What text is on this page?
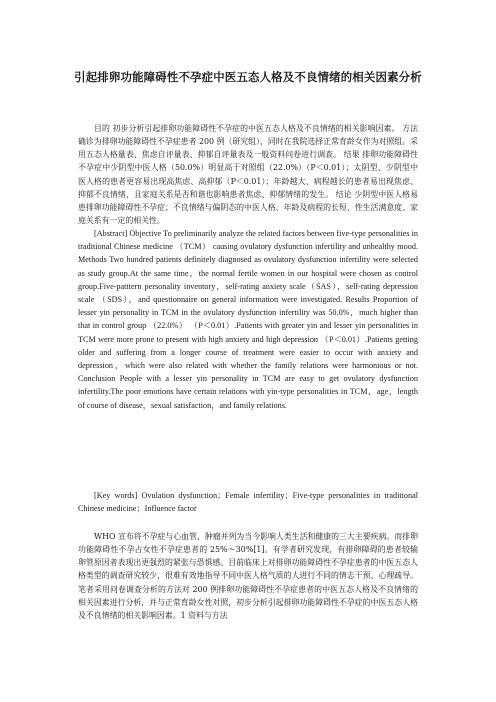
引起排卵功能障碍性不孕症中医五态人格及不良情绪的相关因素分析

目的 初步分析引起排卵功能障碍性不孕症的中医五态人格及不良情绪的相关影响因素。 方法 确诊为排卵功能障碍性不孕症患者 200 例（研究组），同时在我院选择正常育龄女作为对照组。采用五态人格量表、焦虑自评量表、抑郁自评量表及一般资料问卷进行调查。 结果 排卵功能障碍性不孕症中少阴型中医人格（50.0%）明显高于对照组（22.0%）（P＜0.01）；太阴型、少阴型中医人格的患者更容易出现高焦虑、高抑郁（P＜0.01）；年龄越大、病程越长的患者易出现焦虑、抑郁不良情绪，且家庭关系是否和谐也影响患者焦虑、抑郁情绪的发生。 结论 少阴型中医人格易患排卵功能障碍性不孕症；不良情绪与偏阴态的中医人格、年龄及病程的长短、性生活满意度、家庭关系有一定的相关性。

[Abstract] Objective To preliminarily analyze the related factors between five-type personalities in traditional Chinese medicine （TCM） causing ovulatory dysfunction infertility and unhealthy mood. Methods Two hundred patients definitely diagnosed as ovulatory dysfunction infertility were selected as study group.At the same time，the normal fertile women in our hospital were chosen as control group.Five-patttern personality inventory，self-rating anxiety scale（SAS），self-rating depression scale （SDS），and questionnaire on general information were investigated. Results Proportion of lesser yin personality in TCM in the ovulatory dysfunction infertility was 50.0%，much higher than that in control group （22.0%） （P＜0.01）.Patients with greater yin and lesser yin personalities in TCM were more prone to present with high anxiety and high depression （P＜0.01）.Patients getting older and suffering from a longer course of treatment were easier to occur with anxiety and depression，which were also related with whether the family relations were harmonious or not. Conclusion People with a lesser yin personality in TCM are easy to get ovulatory dysfunction infertility.The poor emotions have certain relations with yin-type personalities in TCM，age，length of course of disease，sexual satisfaction，and family relations.

[Key words] Ovulation dysfunction；Female infertility；Five-type personalities in traditional Chinese medicine；Influence factor

WHO 宣布将不孕症与心血管、肿瘤并列为当今影响人类生活和健康的三大主要疾病。而排卵功能障碍性不孕占女性不孕症患者的 25%～30%[1]。有学者研究发现，有排卵障碍的患者较输卵管原因者表现出更强烈的紧张与恐惧感。目前临床上对排卵功能障碍性不孕症患者的中医五态人格类型的调查研究较少，很难有效地指导不同中医人格气质的人进行不同的情志干预、心理疏导。笔者采用问卷调查分析的方法对 200 例排卵功能障碍性不孕症患者的中医五态人格及不良情绪的相关因素进行分析，并与正常育龄女性对照，初步分析引起排卵功能障碍性不孕症的中医五态人格及不良情绪的相关影响因素。1 资料与方法
